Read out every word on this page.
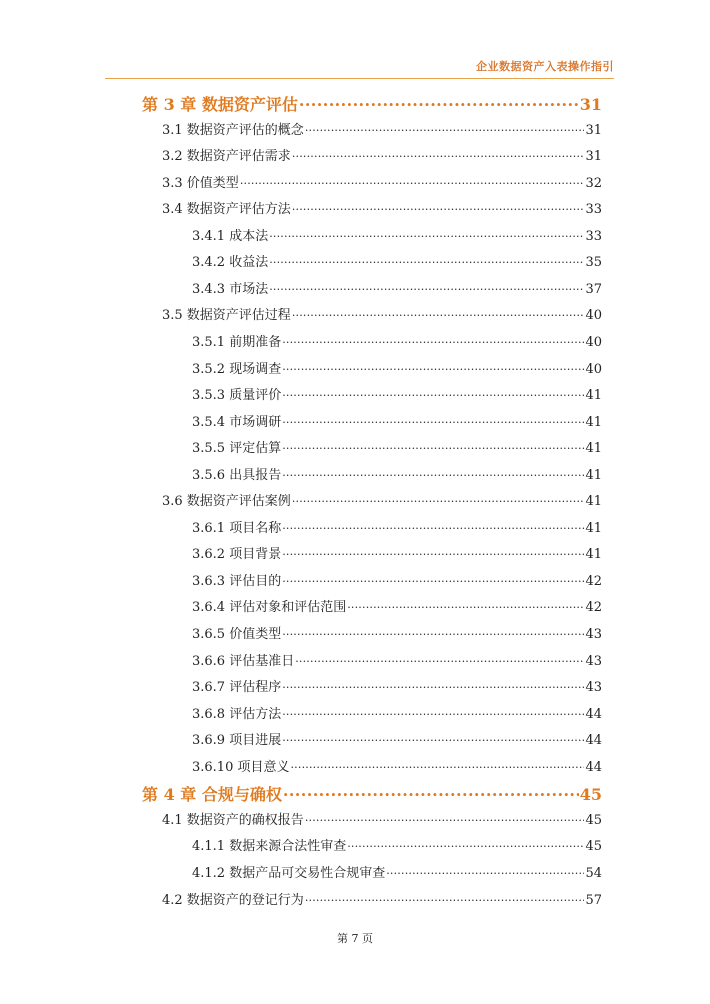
企业数据资产入表操作指引
第 3 章 数据资产评估 .....	31
3.1 数据资产评估的概念 .....	31
3.2 数据资产评估需求 .....	31
3.3 价值类型 .....	32
3.4 数据资产评估方法 .....	33
3.4.1 成本法 .....	33
3.4.2 收益法 .....	35
3.4.3 市场法 .....	37
3.5 数据资产评估过程 .....	40
3.5.1 前期准备 .....	40
3.5.2 现场调查 .....	40
3.5.3 质量评价 .....	41
3.5.4 市场调研 .....	41
3.5.5 评定估算 .....	41
3.5.6 出具报告 .....	41
3.6 数据资产评估案例 .....	41
3.6.1 项目名称 .....	41
3.6.2 项目背景 .....	41
3.6.3 评估目的 .....	42
3.6.4 评估对象和评估范围 .....	42
3.6.5 价值类型 .....	43
3.6.6 评估基准日 .....	43
3.6.7 评估程序 .....	43
3.6.8 评估方法 .....	44
3.6.9 项目进展 .....	44
3.6.10 项目意义 .....	44
第 4 章 合规与确权 .....	45
4.1 数据资产的确权报告 .....	45
4.1.1 数据来源合法性审查 .....	45
4.1.2 数据产品可交易性合规审查 .....	54
4.2 数据资产的登记行为 .....	57
第 7 页
